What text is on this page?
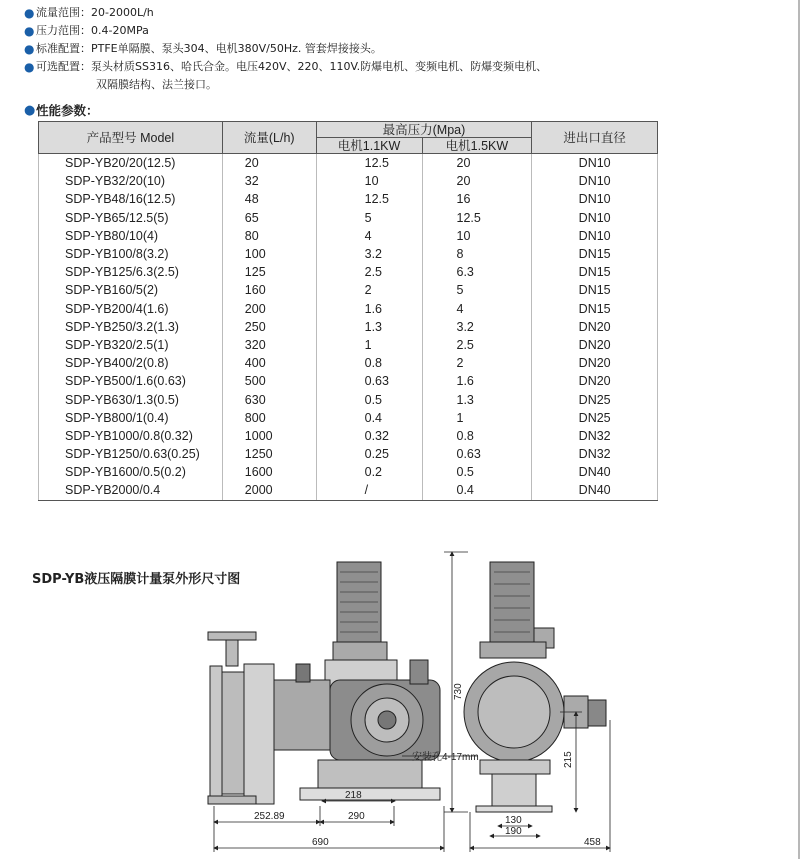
● 流量范围： 20-2000L/h
● 压力范围： 0.4-20MPa
● 标准配置： PTFE单隔膜、泵头304、电机380V/50Hz. 管套焊接接头。
● 可选配置： 泵头材质SS316、哈氏合金。电压420V、220、110V.防爆电机、变频电机、防爆变频电机、
双隔膜结构、法兰接口。
● 性能参数：
产品型号 Model	流量(L/h)	最高压力(Mpa)		进出口直径
		电机1.1KW	电机1.5KW	
SDP-YB20/20(12.5)	20	12.5	20	DN10
SDP-YB32/20(10)	32	10	20	DN10
SDP-YB48/16(12.5)	48	12.5	16	DN10
SDP-YB65/12.5(5)	65	5	12.5	DN10
SDP-YB80/10(4)	80	4	10	DN10
SDP-YB100/8(3.2)	100	3.2	8	DN15
SDP-YB125/6.3(2.5)	125	2.5	6.3	DN15
SDP-YB160/5(2)	160	2	5	DN15
SDP-YB200/4(1.6)	200	1.6	4	DN15
SDP-YB250/3.2(1.3)	250	1.3	3.2	DN20
SDP-YB320/2.5(1)	320	1	2.5	DN20
SDP-YB400/2(0.8)	400	0.8	2	DN20
SDP-YB500/1.6(0.63)	500	0.63	1.6	DN20
SDP-YB630/1.3(0.5)	630	0.5	1.3	DN25
SDP-YB800/1(0.4)	800	0.4	1	DN25
SDP-YB1000/0.8(0.32)	1000	0.32	0.8	DN32
SDP-YB1250/0.63(0.25)	1250	0.25	0.63	DN32
SDP-YB1600/0.5(0.2)	1600	0.2	0.5	DN40
SDP-YB2000/0.4	2000	/	0.4	DN40
SDP-YB液压隔膜计量泵外形尺寸图
218
252.89	290
690
730
215
130
190
458
安装孔4-17mm
